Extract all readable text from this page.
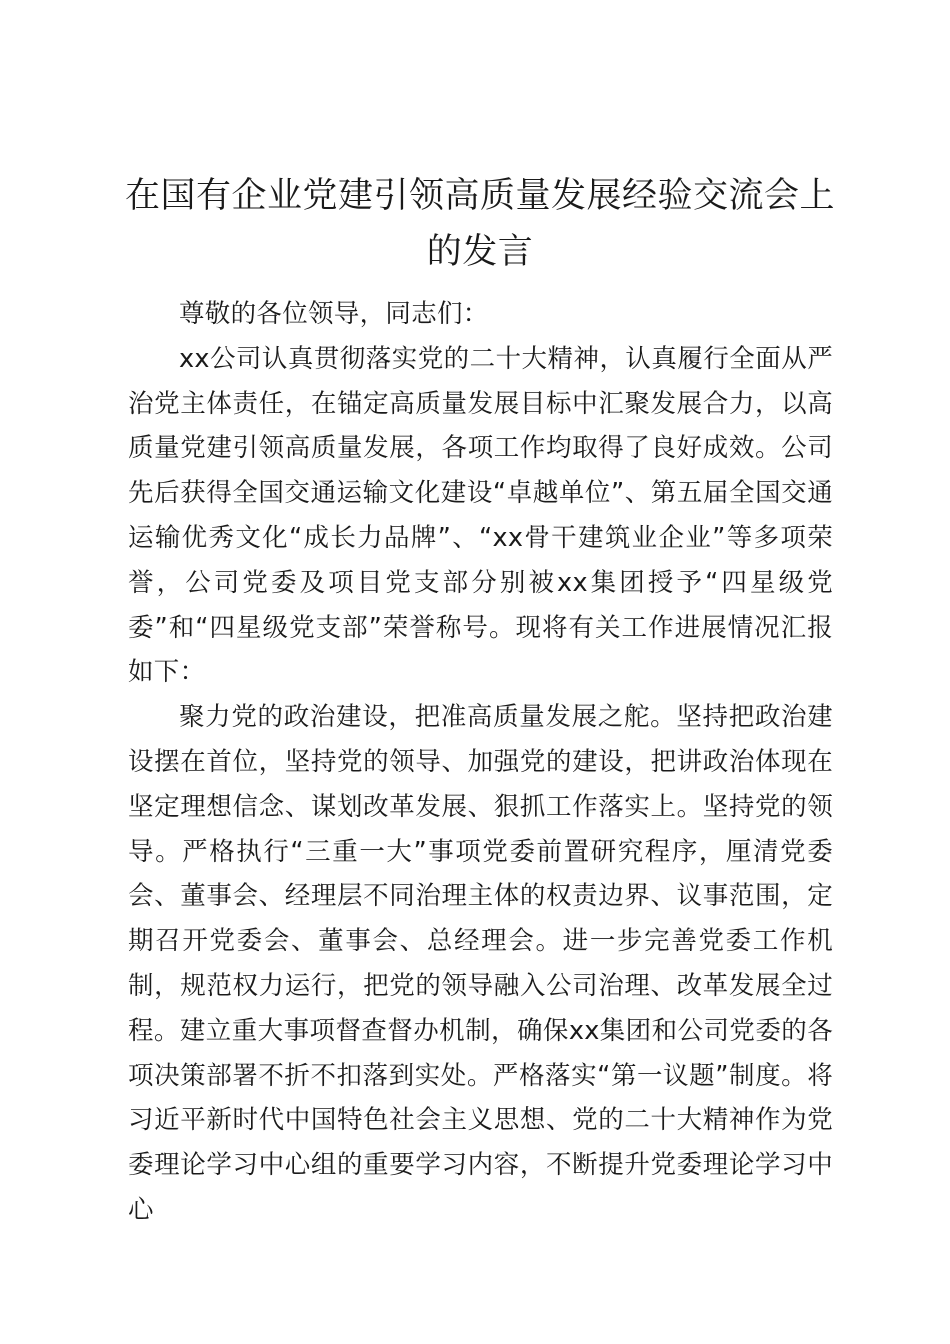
在国有企业党建引领高质量发展经验交流会上的发言

尊敬的各位领导，同志们：

xx公司认真贯彻落实党的二十大精神，认真履行全面从严治党主体责任，在锚定高质量发展目标中汇聚发展合力，以高质量党建引领高质量发展，各项工作均取得了良好成效。公司先后获得全国交通运输文化建设“卓越单位”、第五届全国交通运输优秀文化“成长力品牌”、“xx骨干建筑业企业”等多项荣誉，公司党委及项目党支部分别被xx集团授予“四星级党委”和“四星级党支部”荣誉称号。现将有关工作进展情况汇报如下：

聚力党的政治建设，把准高质量发展之舵。坚持把政治建设摆在首位，坚持党的领导、加强党的建设，把讲政治体现在坚定理想信念、谋划改革发展、狠抓工作落实上。坚持党的领导。严格执行“三重一大”事项党委前置研究程序，厘清党委会、董事会、经理层不同治理主体的权责边界、议事范围，定期召开党委会、董事会、总经理会。进一步完善党委工作机制，规范权力运行，把党的领导融入公司治理、改革发展全过程。建立重大事项督查督办机制，确保xx集团和公司党委的各项决策部署不折不扣落到实处。严格落实“第一议题”制度。将习近平新时代中国特色社会主义思想、党的二十大精神作为党委理论学习中心组的重要学习内容，不断提升党委理论学习中心
